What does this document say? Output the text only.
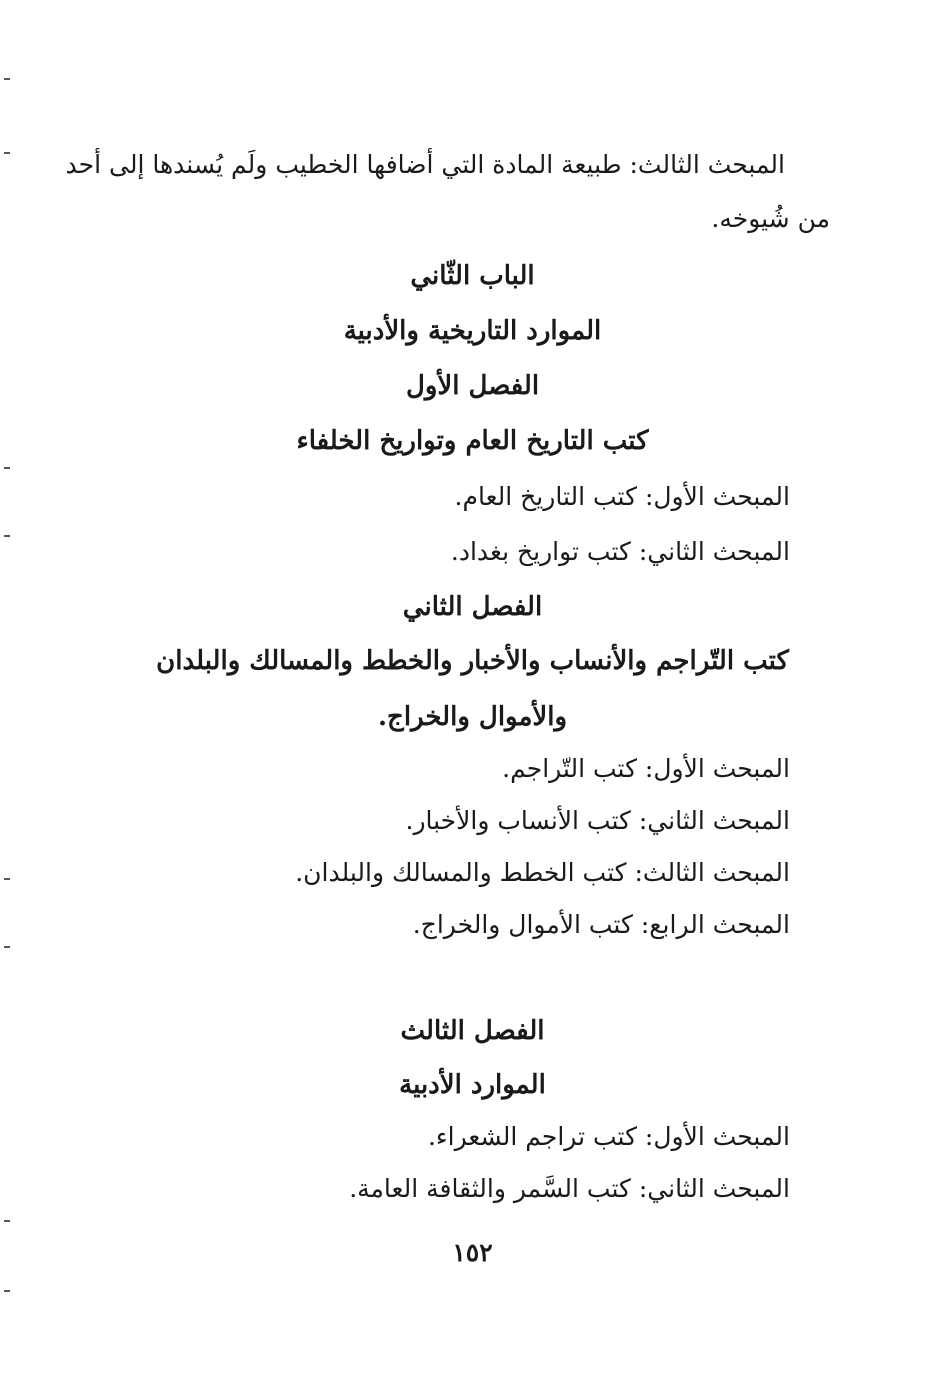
المبحث الثالث: طبيعة المادة التي أضافها الخطيب ولَم يُسندها إلى أحد
من شُيوخه.
الباب الثّاني
الموارد التاريخية والأدبية
الفصل الأول
كتب التاريخ العام وتواريخ الخلفاء
المبحث الأول: كتب التاريخ العام.
المبحث الثاني: كتب تواريخ بغداد.
الفصل الثاني
كتب التّراجم والأنساب والأخبار والخطط والمسالك والبلدان
والأموال والخراج.
المبحث الأول: كتب التّراجم.
المبحث الثاني: كتب الأنساب والأخبار.
المبحث الثالث: كتب الخطط والمسالك والبلدان.
المبحث الرابع: كتب الأموال والخراج.
الفصل الثالث
الموارد الأدبية
المبحث الأول: كتب تراجم الشعراء.
المبحث الثاني: كتب السَّمر والثقافة العامة.
١٥٢
